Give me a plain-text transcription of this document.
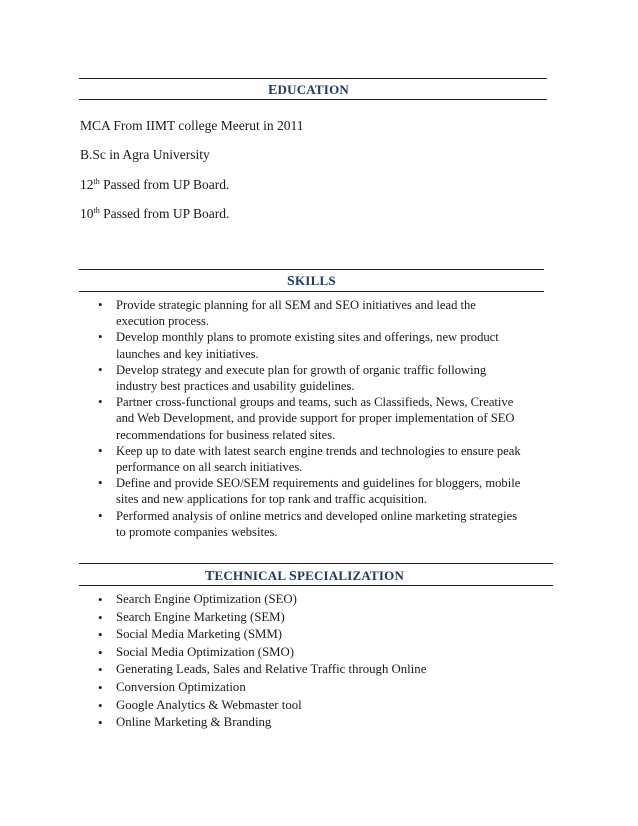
EDUCATION
MCA From IIMT college Meerut in 2011
B.Sc in Agra University
12th Passed from UP Board.
10th Passed from UP Board.
SKILLS
• Provide strategic planning for all SEM and SEO initiatives and lead the
execution process.
• Develop monthly plans to promote existing sites and offerings, new product
launches and key initiatives.
• Develop strategy and execute plan for growth of organic traffic following
industry best practices and usability guidelines.
• Partner cross-functional groups and teams, such as Classifieds, News, Creative
and Web Development, and provide support for proper implementation of SEO
recommendations for business related sites.
• Keep up to date with latest search engine trends and technologies to ensure peak
performance on all search initiatives.
• Define and provide SEO/SEM requirements and guidelines for bloggers, mobile
sites and new applications for top rank and traffic acquisition.
• Performed analysis of online metrics and developed online marketing strategies
to promote companies websites.
TECHNICAL SPECIALIZATION
• Search Engine Optimization (SEO)
• Search Engine Marketing (SEM)
• Social Media Marketing (SMM)
• Social Media Optimization (SMO)
• Generating Leads, Sales and Relative Traffic through Online
• Conversion Optimization
• Google Analytics & Webmaster tool
• Online Marketing & Branding
